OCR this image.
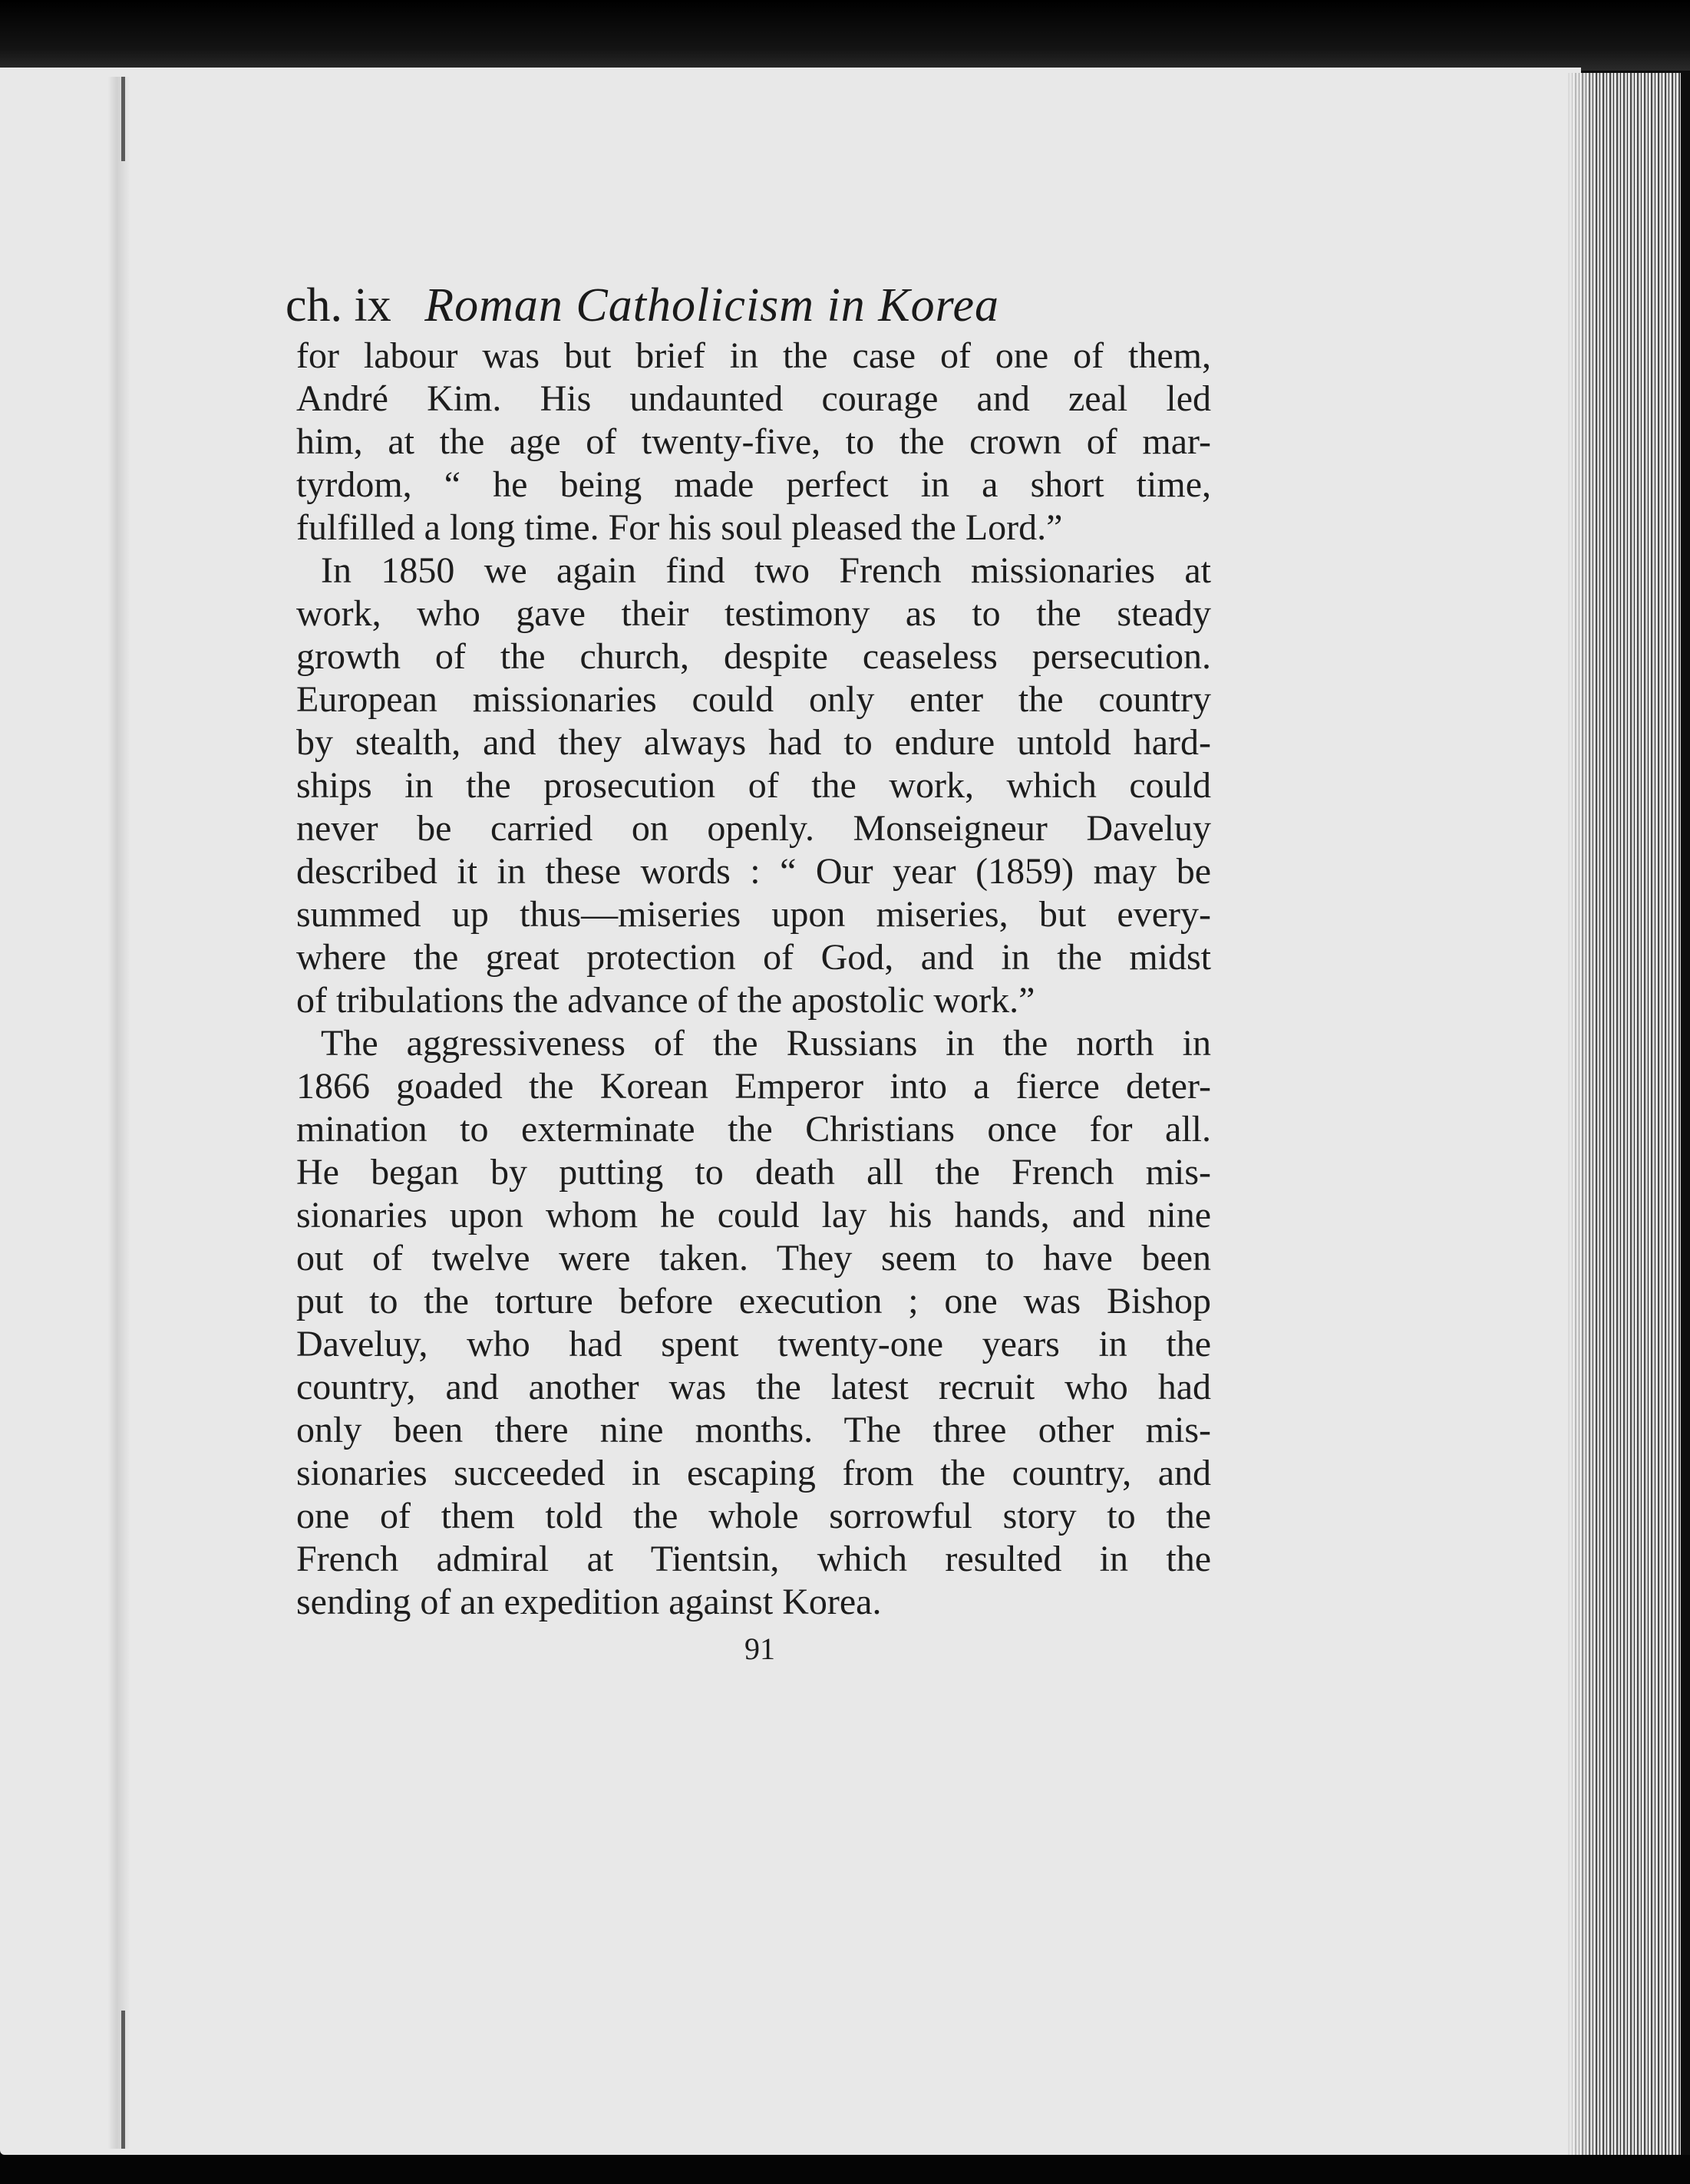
ch. ix Roman Catholicism in Korea
for labour was but brief in the case of one of them,
André Kim. His undaunted courage and zeal led
him, at the age of twenty-five, to the crown of mar-
tyrdom, “ he being made perfect in a short time,
fulfilled a long time. For his soul pleased the Lord.”
In 1850 we again find two French missionaries at
work, who gave their testimony as to the steady
growth of the church, despite ceaseless persecution.
European missionaries could only enter the country
by stealth, and they always had to endure untold hard-
ships in the prosecution of the work, which could
never be carried on openly. Monseigneur Daveluy
described it in these words : “ Our year (1859) may be
summed up thus—miseries upon miseries, but every-
where the great protection of God, and in the midst
of tribulations the advance of the apostolic work.”
The aggressiveness of the Russians in the north in
1866 goaded the Korean Emperor into a fierce deter-
mination to exterminate the Christians once for all.
He began by putting to death all the French mis-
sionaries upon whom he could lay his hands, and nine
out of twelve were taken. They seem to have been
put to the torture before execution ; one was Bishop
Daveluy, who had spent twenty-one years in the
country, and another was the latest recruit who had
only been there nine months. The three other mis-
sionaries succeeded in escaping from the country, and
one of them told the whole sorrowful story to the
French admiral at Tientsin, which resulted in the
sending of an expedition against Korea.
91
